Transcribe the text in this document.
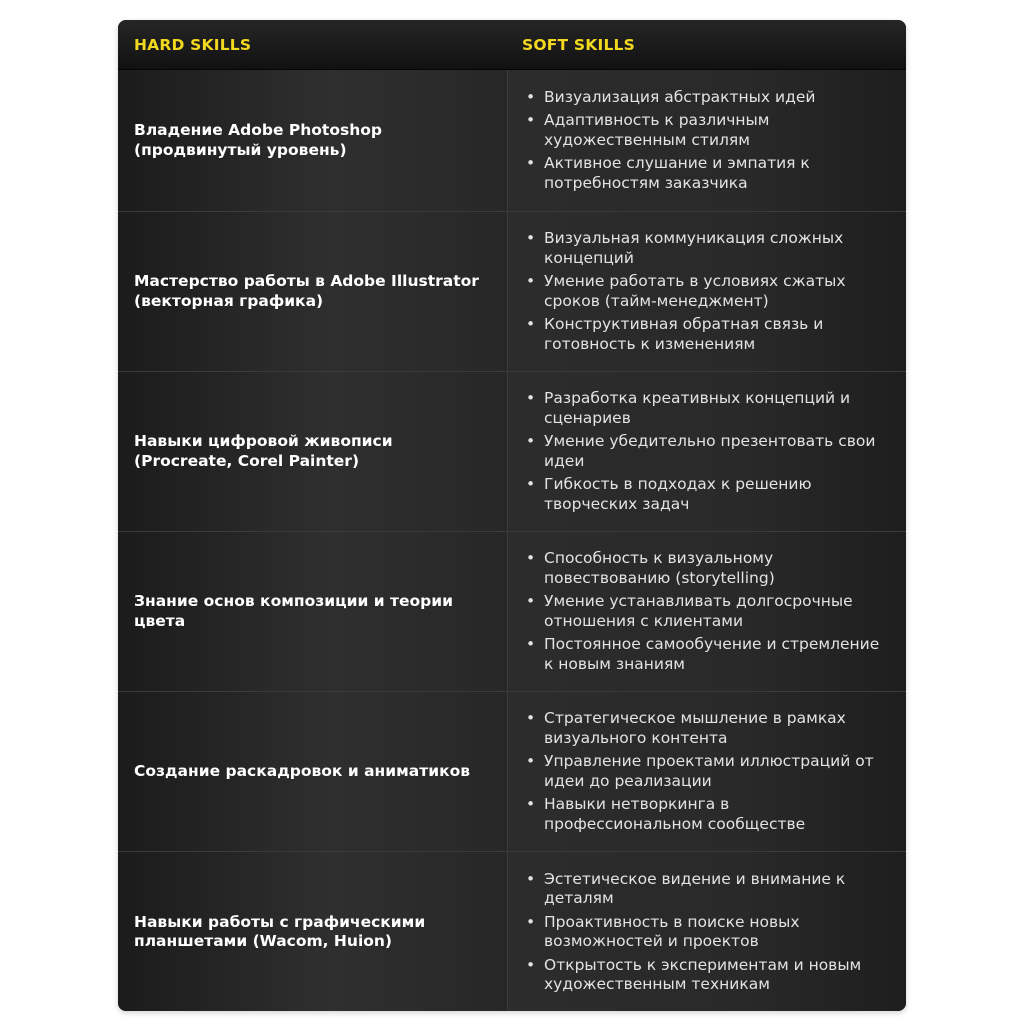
HARD SKILLS	SOFT SKILLS
Владение Adobe Photoshop (продвинутый уровень)
• Визуализация абстрактных идей
• Адаптивность к различным художественным стилям
• Активное слушание и эмпатия к потребностям заказчика
Мастерство работы в Adobe Illustrator (векторная графика)
• Визуальная коммуникация сложных концепций
• Умение работать в условиях сжатых сроков (тайм-менеджмент)
• Конструктивная обратная связь и готовность к изменениям
Навыки цифровой живописи (Procreate, Corel Painter)
• Разработка креативных концепций и сценариев
• Умение убедительно презентовать свои идеи
• Гибкость в подходах к решению творческих задач
Знание основ композиции и теории цвета
• Способность к визуальному повествованию (storytelling)
• Умение устанавливать долгосрочные отношения с клиентами
• Постоянное самообучение и стремление к новым знаниям
Создание раскадровок и аниматиков
• Стратегическое мышление в рамках визуального контента
• Управление проектами иллюстраций от идеи до реализации
• Навыки нетворкинга в профессиональном сообществе
Навыки работы с графическими планшетами (Wacom, Huion)
• Эстетическое видение и внимание к деталям
• Проактивность в поиске новых возможностей и проектов
• Открытость к экспериментам и новым художественным техникам
